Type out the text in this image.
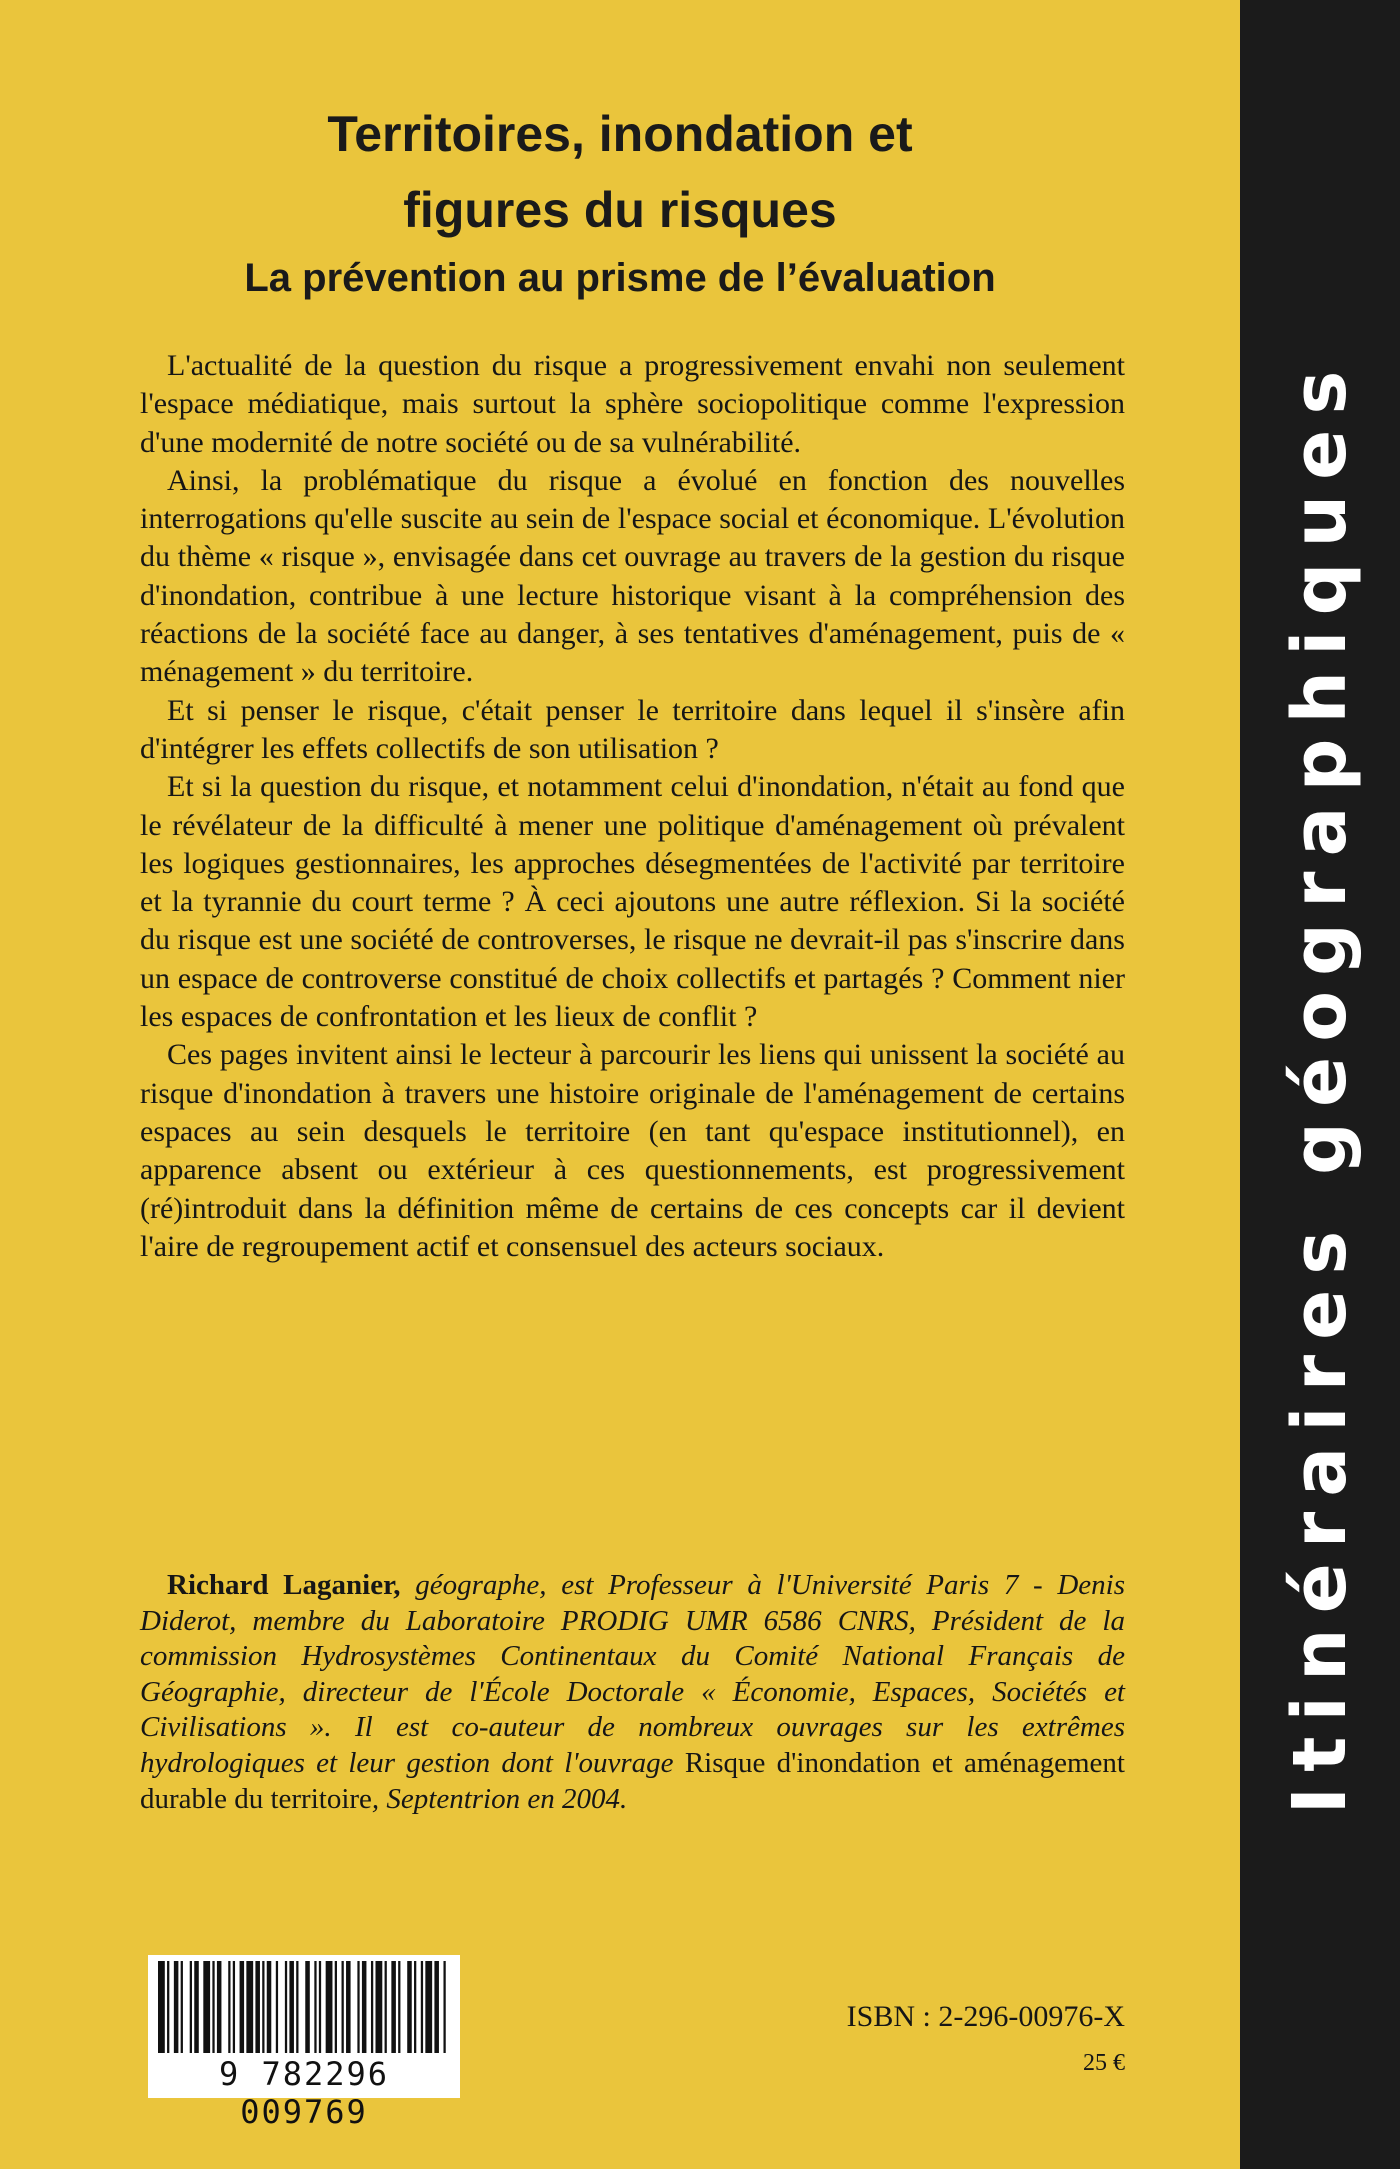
Territoires, inondation et
figures du risques
La prévention au prisme de l’évaluation

L'actualité de la question du risque a progressivement envahi non seulement l'espace médiatique, mais surtout la sphère sociopolitique comme l'expression d'une modernité de notre société ou de sa vulnérabilité.

Ainsi, la problématique du risque a évolué en fonction des nouvelles interrogations qu'elle suscite au sein de l'espace social et économique. L'évolution du thème « risque », envisagée dans cet ouvrage au travers de la gestion du risque d'inondation, contribue à une lecture historique visant à la compréhension des réactions de la société face au danger, à ses tentatives d'aménagement, puis de « ménagement » du territoire.

Et si penser le risque, c'était penser le territoire dans lequel il s'insère afin d'intégrer les effets collectifs de son utilisation ?

Et si la question du risque, et notamment celui d'inondation, n'était au fond que le révélateur de la difficulté à mener une politique d'aménagement où prévalent les logiques gestionnaires, les approches désegmentées de l'activité par territoire et la tyrannie du court terme ? À ceci ajoutons une autre réflexion. Si la société du risque est une société de controverses, le risque ne devrait-il pas s'inscrire dans un espace de controverse constitué de choix collectifs et partagés ? Comment nier les espaces de confrontation et les lieux de conflit ?

Ces pages invitent ainsi le lecteur à parcourir les liens qui unissent la société au risque d'inondation à travers une histoire originale de l'aménagement de certains espaces au sein desquels le territoire (en tant qu'espace institutionnel), en apparence absent ou extérieur à ces questionnements, est progressivement (ré)introduit dans la définition même de certains de ces concepts car il devient l'aire de regroupement actif et consensuel des acteurs sociaux.

Richard Laganier, géographe, est Professeur à l'Université Paris 7 - Denis Diderot, membre du Laboratoire PRODIG UMR 6586 CNRS, Président de la commission Hydrosystèmes Continentaux du Comité National Français de Géographie, directeur de l'École Doctorale « Économie, Espaces, Sociétés et Civilisations ». Il est co-auteur de nombreux ouvrages sur les extrêmes hydrologiques et leur gestion dont l'ouvrage Risque d'inondation et aménagement durable du territoire, Septentrion en 2004.
9 782296 009769
ISBN : 2-296-00976-X
25 €
Itinéraires géographiques
